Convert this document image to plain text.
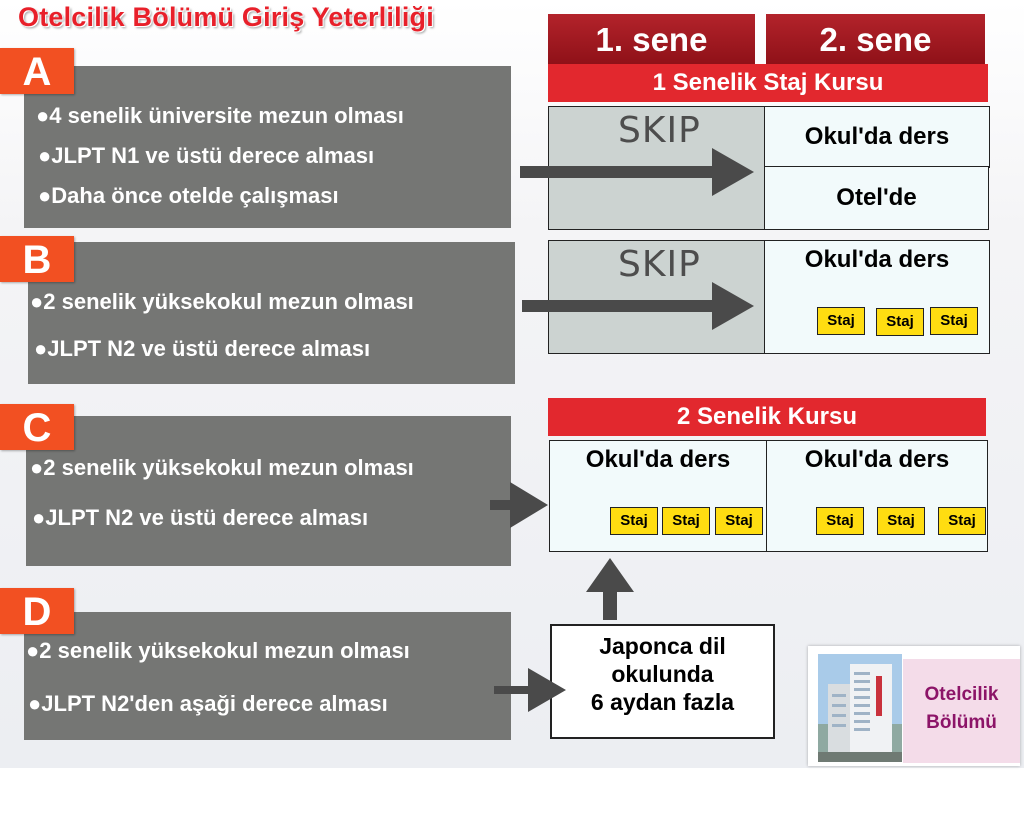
Otelcilik Bölümü Giriş Yeterliliği
1. sene	2. sene
1 Senelik Staj Kursu
A
●4 senelik üniversite mezun olması
●JLPT N1 ve üstü derece alması
●Daha önce otelde çalışması
SKIP	Okul'da ders
Otel'de
B
●2 senelik yüksekokul mezun olması
●JLPT N2 ve üstü derece alması
SKIP	Okul'da ders
Staj	Staj	Staj
2 Senelik Kursu
C
●2 senelik yüksekokul mezun olması
●JLPT N2 ve üstü derece alması
Okul'da ders
Staj	Staj	Staj
Okul'da ders
Staj	Staj	Staj
D
●2 senelik yüksekokul mezun olması
●JLPT N2'den aşaği derece alması
Japonca dil
okulunda
6 aydan fazla	Otelcilik
Bölümü
